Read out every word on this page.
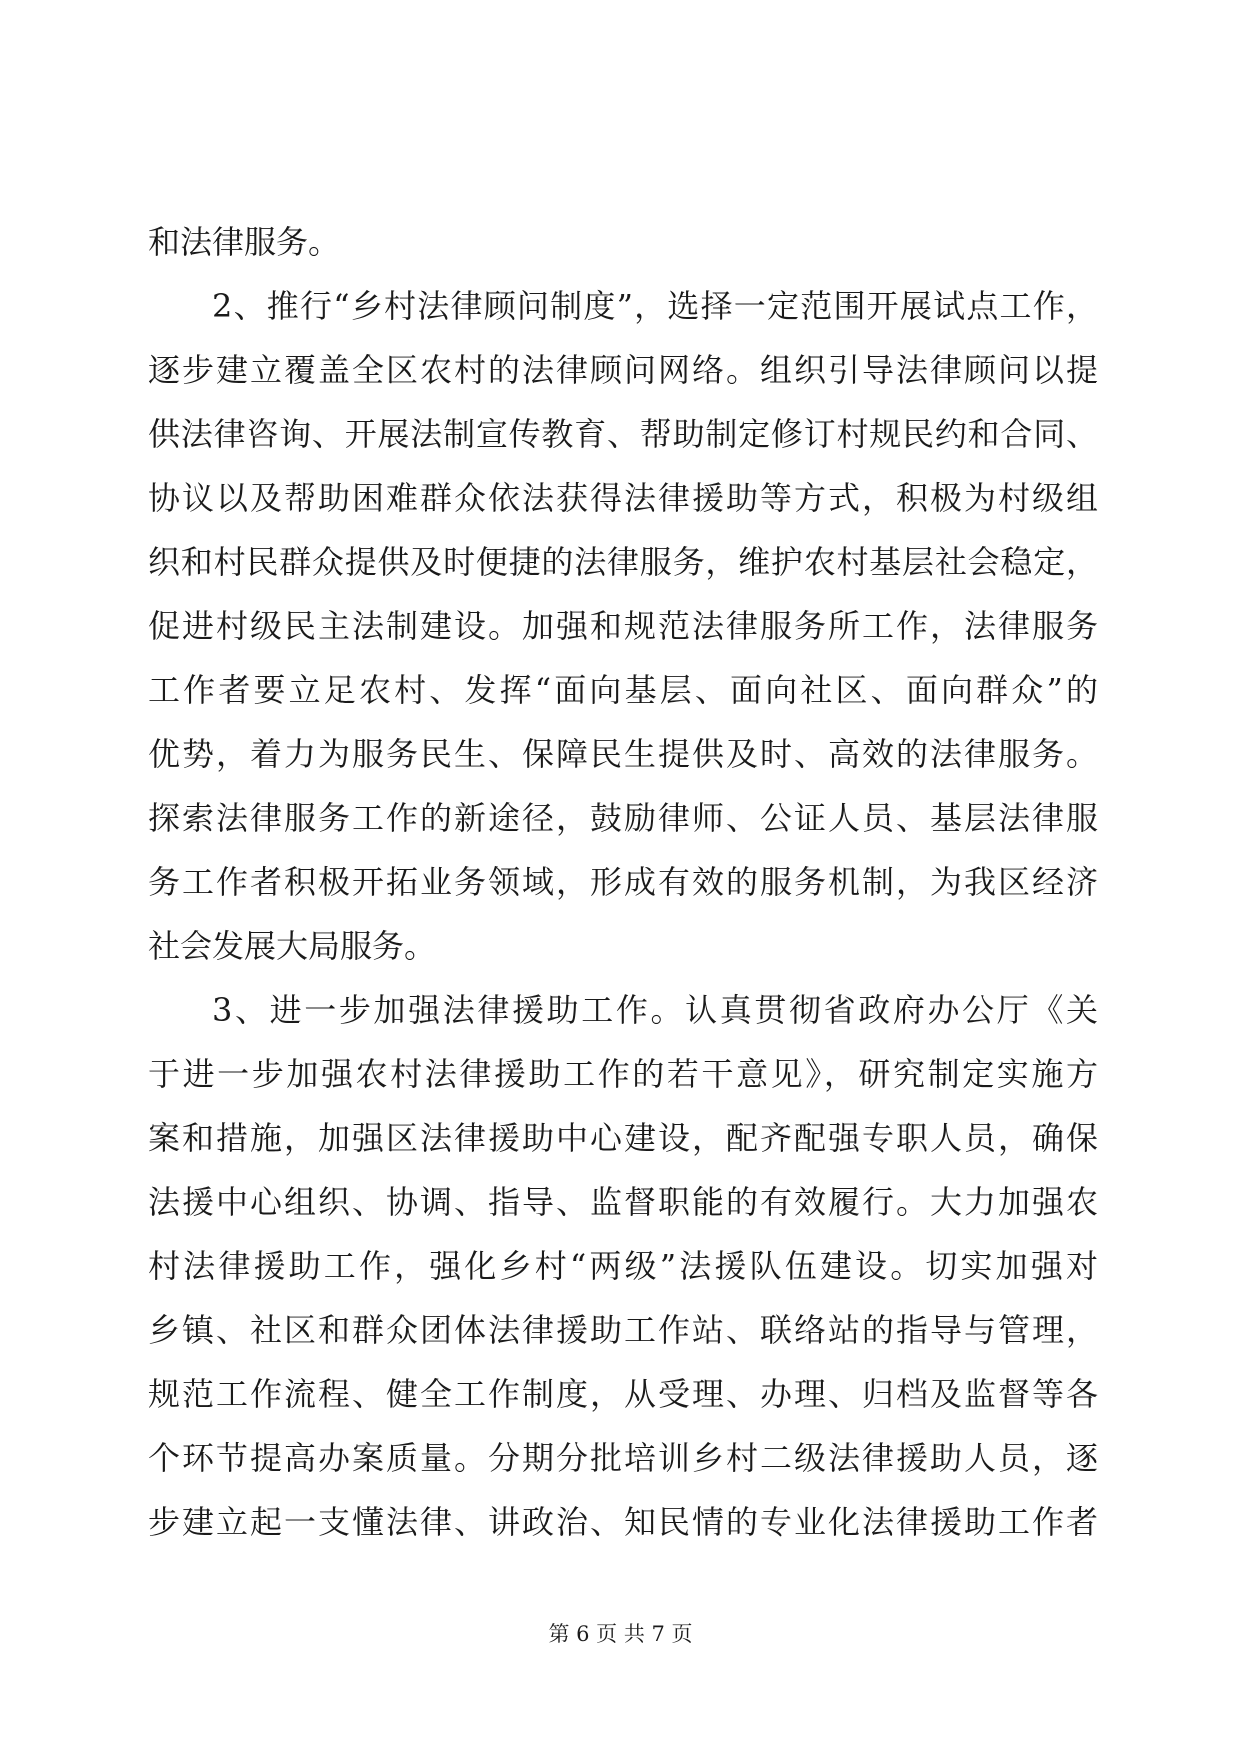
和法律服务。
2、推行“乡村法律顾问制度”，选择一定范围开展试点工作，
逐步建立覆盖全区农村的法律顾问网络。组织引导法律顾问以提
供法律咨询、开展法制宣传教育、帮助制定修订村规民约和合同、
协议以及帮助困难群众依法获得法律援助等方式，积极为村级组
织和村民群众提供及时便捷的法律服务，维护农村基层社会稳定，
促进村级民主法制建设。加强和规范法律服务所工作，法律服务
工作者要立足农村、发挥“面向基层、面向社区、面向群众”的
优势，着力为服务民生、保障民生提供及时、高效的法律服务。
探索法律服务工作的新途径，鼓励律师、公证人员、基层法律服
务工作者积极开拓业务领域，形成有效的服务机制，为我区经济
社会发展大局服务。
3、进一步加强法律援助工作。认真贯彻省政府办公厅《关
于进一步加强农村法律援助工作的若干意见》，研究制定实施方
案和措施，加强区法律援助中心建设，配齐配强专职人员，确保
法援中心组织、协调、指导、监督职能的有效履行。大力加强农
村法律援助工作，强化乡村“两级”法援队伍建设。切实加强对
乡镇、社区和群众团体法律援助工作站、联络站的指导与管理，
规范工作流程、健全工作制度，从受理、办理、归档及监督等各
个环节提高办案质量。分期分批培训乡村二级法律援助人员，逐
步建立起一支懂法律、讲政治、知民情的专业化法律援助工作者
第 6 页 共 7 页
